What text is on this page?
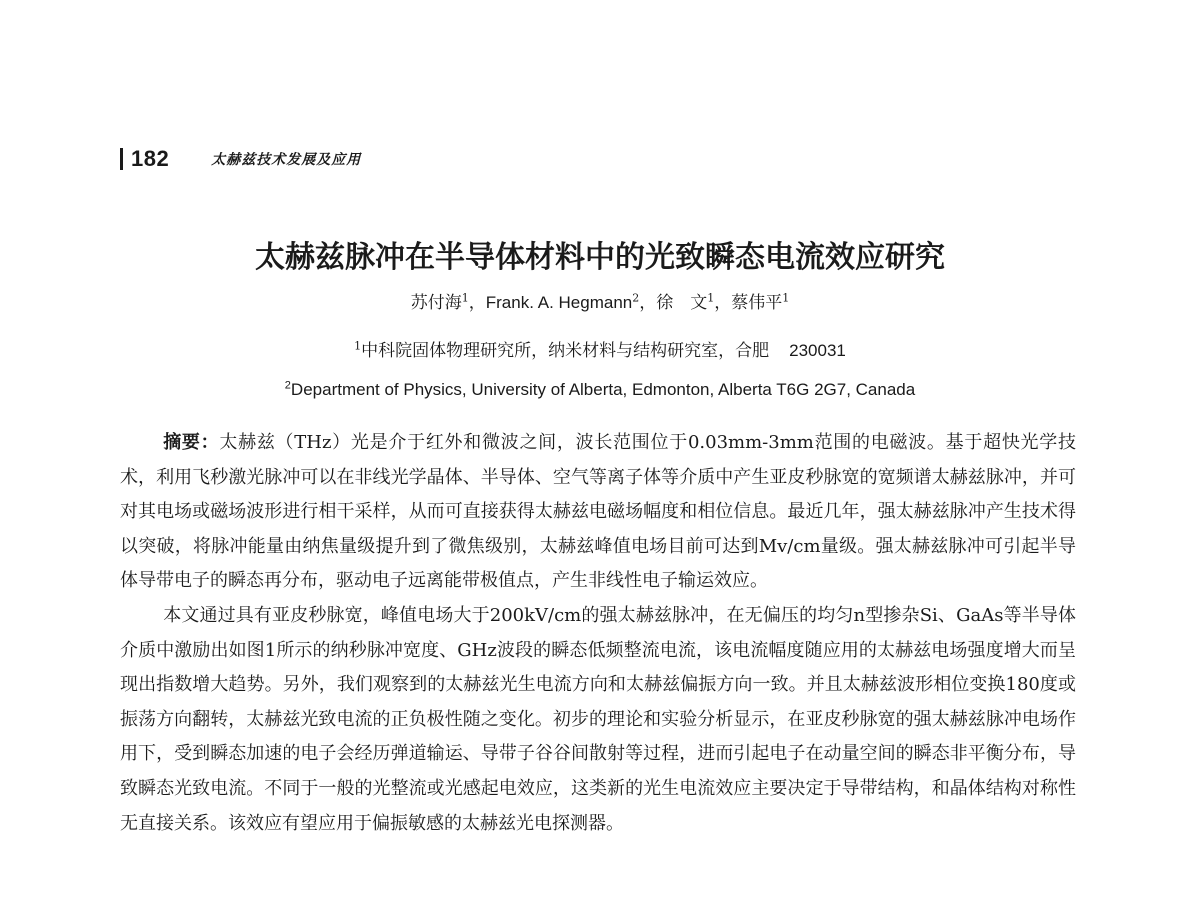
182	太赫兹技术发展及应用
太赫兹脉冲在半导体材料中的光致瞬态电流效应研究
苏付海$^1$，Frank. A. Hegmann$^2$，徐　文$^1$，蔡伟平$^1$
$^1$中科院固体物理研究所，纳米材料与结构研究室，合肥 230031
$^2$Department of Physics, University of Alberta, Edmonton, Alberta T6G 2G7, Canada

摘要：太赫兹（THz）光是介于红外和微波之间，波长范围位于0.03mm-3mm范围的电磁波。基于超快光学技术，利用飞秒激光脉冲可以在非线光学晶体、半导体、空气等离子体等介质中产生亚皮秒脉宽的宽频谱太赫兹脉冲，并可对其电场或磁场波形进行相干采样，从而可直接获得太赫兹电磁场幅度和相位信息。最近几年，强太赫兹脉冲产生技术得以突破，将脉冲能量由纳焦量级提升到了微焦级别，太赫兹峰值电场目前可达到Mv/cm量级。强太赫兹脉冲可引起半导体导带电子的瞬态再分布，驱动电子远离能带极值点，产生非线性电子输运效应。

本文通过具有亚皮秒脉宽，峰值电场大于200kV/cm的强太赫兹脉冲，在无偏压的均匀n型掺杂Si、GaAs等半导体介质中激励出如图1所示的纳秒脉冲宽度、GHz波段的瞬态低频整流电流，该电流幅度随应用的太赫兹电场强度增大而呈现出指数增大趋势。另外，我们观察到的太赫兹光生电流方向和太赫兹偏振方向一致。并且太赫兹波形相位变换180度或振荡方向翻转，太赫兹光致电流的正负极性随之变化。初步的理论和实验分析显示，在亚皮秒脉宽的强太赫兹脉冲电场作用下，受到瞬态加速的电子会经历弹道输运、导带子谷谷间散射等过程，进而引起电子在动量空间的瞬态非平衡分布，导致瞬态光致电流。不同于一般的光整流或光感起电效应，这类新的光生电流效应主要决定于导带结构，和晶体结构对称性无直接关系。该效应有望应用于偏振敏感的太赫兹光电探测器。
